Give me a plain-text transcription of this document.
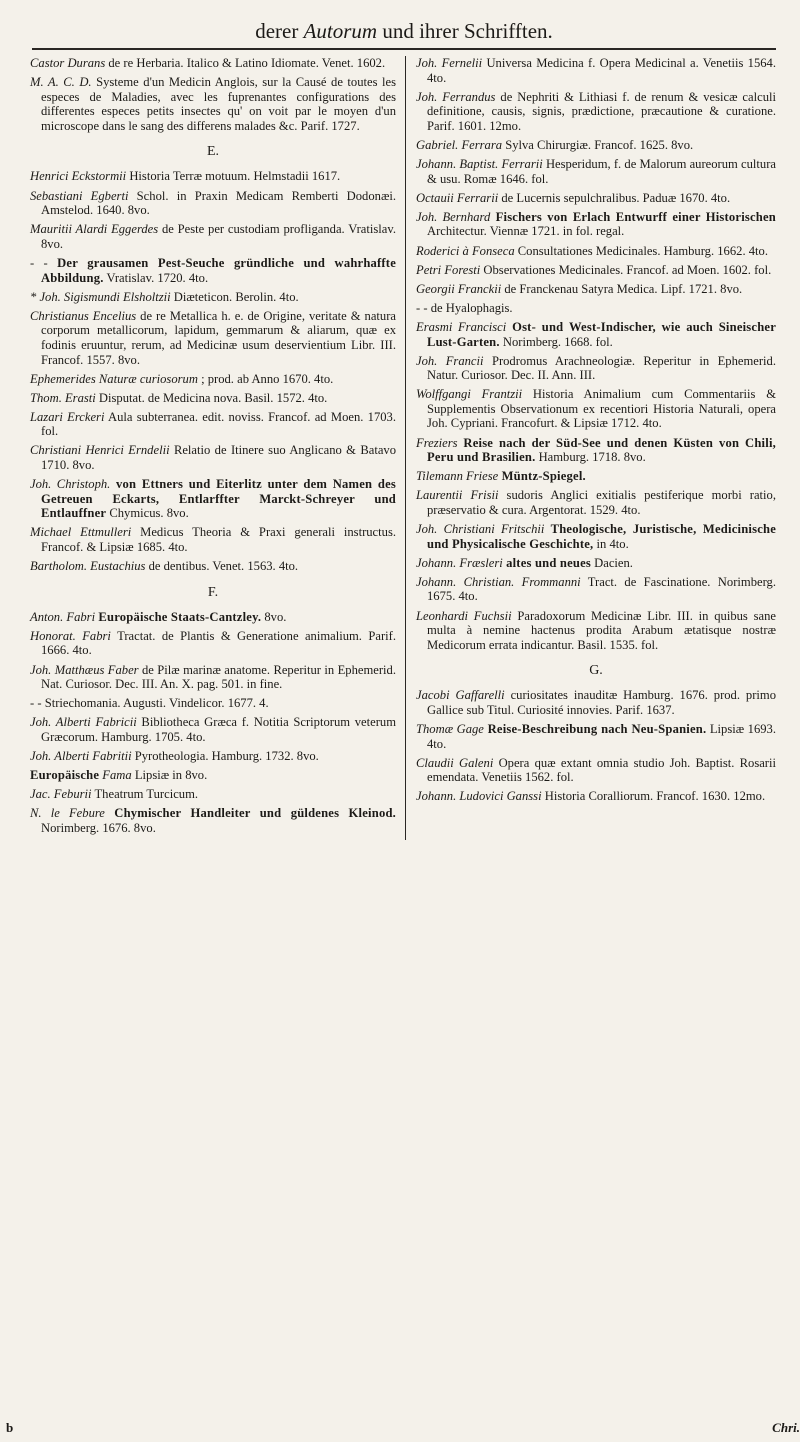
derer Autorum und ihrer Schrifften.
Castor Durans de re Herbaria. Italico & Latino Idiomate. Venet. 1602.
M. A. C. D. Systeme d'un Medicin Anglois, sur la Causé de toutes les especes de Maladies, avec les fuprenantes configurations des differentes especes petits insectes qu' on voit par le moyen d'un microscope dans le sang des differens malades &c. Parif. 1727.
E.
Henrici Eckstormii Historia Terræ motuum. Helmstadii 1617.
Sebastiani Egberti Schol. in Praxin Medicam Remberti Dodonæi. Amstelod. 1640. 8vo.
Mauritii Alardi Eggerdes de Peste per custodiam profliganda. Vratislav. 8vo.
- - Der grausamen Pest-Seuche gründliche und wahrhaffte Abbildung. Vratislav. 1720. 4to.
* Joh. Sigismundi Elsholtzii Diæteticon. Berolin. 4to.
Christianus Encelius de re Metallica h. e. de Origine, veritate & natura corporum metallicorum, lapidum, gemmarum & aliarum, quæ ex fodinis eruuntur, rerum, ad Medicinæ usum deservientium Libr. III. Francof. 1557. 8vo.
Ephemerides Naturæ curiosorum ; prod. ab Anno 1670. 4to.
Thom. Erasti Disputat. de Medicina nova. Basil. 1572. 4to.
Lazari Erckeri Aula subterranea. edit. noviss. Francof. ad Moen. 1703. fol.
Christiani Henrici Erndelii Relatio de Itinere suo Anglicano & Batavo 1710. 8vo.
Joh. Christoph. von Ettners und Eiterlitz unter dem Namen des Getreuen Eckarts, Entlarffter Marckt-Schreyer und Entlauffner Chymicus. 8vo.
Michael Ettmulleri Medicus Theoria & Praxi generali instructus. Francof. & Lipsiæ 1685. 4to.
Bartholom. Eustachius de dentibus. Venet. 1563. 4to.
F.
Anton. Fabri Europäische Staats-Cantzley. 8vo.
Honorat. Fabri Tractat. de Plantis & Generatione animalium. Parif. 1666. 4to.
Joh. Matthæus Faber de Pilæ marinæ anatome. Reperitur in Ephemerid. Nat. Curiosor. Dec. III. An. X. pag. 501. in fine.
- - Striechomania. Augusti. Vindelicor. 1677. 4.
Joh. Alberti Fabricii Bibliotheca Græca f. Notitia Scriptorum veterum Græcorum. Hamburg. 1705. 4to.
Joh. Alberti Fabritii Pyrotheologia. Hamburg. 1732. 8vo.
Europäische Fama Lipsiæ in 8vo.
Jac. Feburii Theatrum Turcicum.
N. le Febure Chymischer Handleiter und güldenes Kleinod. Norimberg. 1676. 8vo.
Joh. Fernelii Universa Medicina f. Opera Medicinal a. Venetiis 1564. 4to.
Joh. Ferrandus de Nephriti & Lithiasi f. de renum & vesicæ calculi definitione, causis, signis, prædictione, præcautione & curatione. Parif. 1601. 12mo.
Gabriel. Ferrara Sylva Chirurgiæ. Francof. 1625. 8vo.
Johann. Baptist. Ferrarii Hesperidum, f. de Malorum aureorum cultura & usu. Romæ 1646. fol.
Octauii Ferrarii de Lucernis sepulchralibus. Paduæ 1670. 4to.
Joh. Bernhard Fischers von Erlach Entwurff einer Historischen Architectur. Viennæ 1721. in fol. regal.
Roderici à Fonseca Consultationes Medicinales. Hamburg. 1662. 4to.
Petri Foresti Observationes Medicinales. Francof. ad Moen. 1602. fol.
Georgii Franckii de Franckenau Satyra Medica. Lipf. 1721. 8vo.
- - de Hyalophagis.
Erasmi Francisci Ost- und West-Indischer, wie auch Sineischer Lust-Garten. Norimberg. 1668. fol.
Joh. Francii Prodromus Arachneologiæ. Reperitur in Ephemerid. Natur. Curiosor. Dec. II. Ann. III.
Wolffgangi Frantzii Historia Animalium cum Commentariis & Supplementis Observationum ex recentiori Historia Naturali, opera Joh. Cypriani. Francofurt. & Lipsiæ 1712. 4to.
Freziers Reise nach der Süd-See und denen Küsten von Chili, Peru und Brasilien. Hamburg. 1718. 8vo.
Tilemann Friese Müntz-Spiegel.
Laurentii Frisii sudoris Anglici exitialis pestiferique morbi ratio, præservatio & cura. Argentorat. 1529. 4to.
Joh. Christiani Fritschii Theologische, Juristische, Medicinische und Physicalische Geschichte, in 4to.
Johann. Fræsleri altes und neues Dacien.
Johann. Christian. Frommanni Tract. de Fascinatione. Norimberg. 1675. 4to.
Leonhardi Fuchsii Paradoxorum Medicinæ Libr. III. in quibus sane multa à nemine hactenus prodita Arabum ætatisque nostræ Medicorum errata indicantur. Basil. 1535. fol.
G.
Jacobi Gaffarelli curiositates inauditæ Hamburg. 1676. prod. primo Gallice sub Titul. Curiosité innovies. Parif. 1637.
Thomæ Gage Reise-Beschreibung nach Neu-Spanien. Lipsiæ 1693. 4to.
Claudii Galeni Opera quæ extant omnia studio Joh. Baptist. Rosarii emendata. Venetiis 1562. fol.
Johann. Ludovici Ganssi Historia Coralliorum. Francof. 1630. 12mo.
b	Chri.
